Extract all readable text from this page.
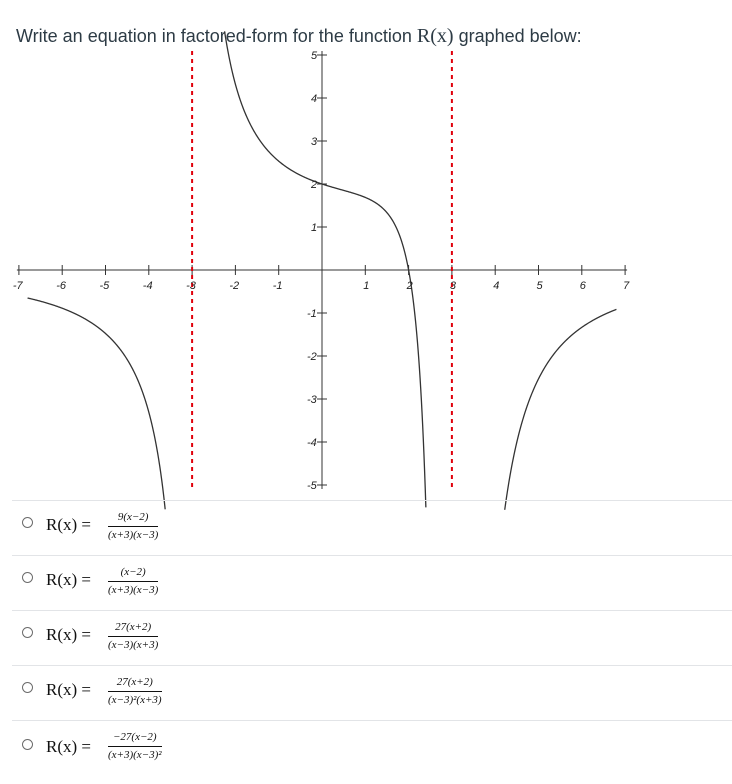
Write an equation in factored-form for the function R(x) graphed below:
-7	-6	-5	-4	-3	-2	-1	1	2	3	4	5	6	7
1
2
3
4
5
-1
-2
-3
-4
-5
$R(x) = \frac{9(x-2)}{(x+3)(x-3)}$
$R(x) = \frac{(x-2)}{(x+3)(x-3)}$
$R(x) = \frac{27(x+2)}{(x-3)(x+3)}$
$R(x) = \frac{27(x+2)}{\text{(x−3)²(x+3)}}$
$R(x) = \frac{-27(x-2)}{\text{(x+3)(x−3)²}}$
